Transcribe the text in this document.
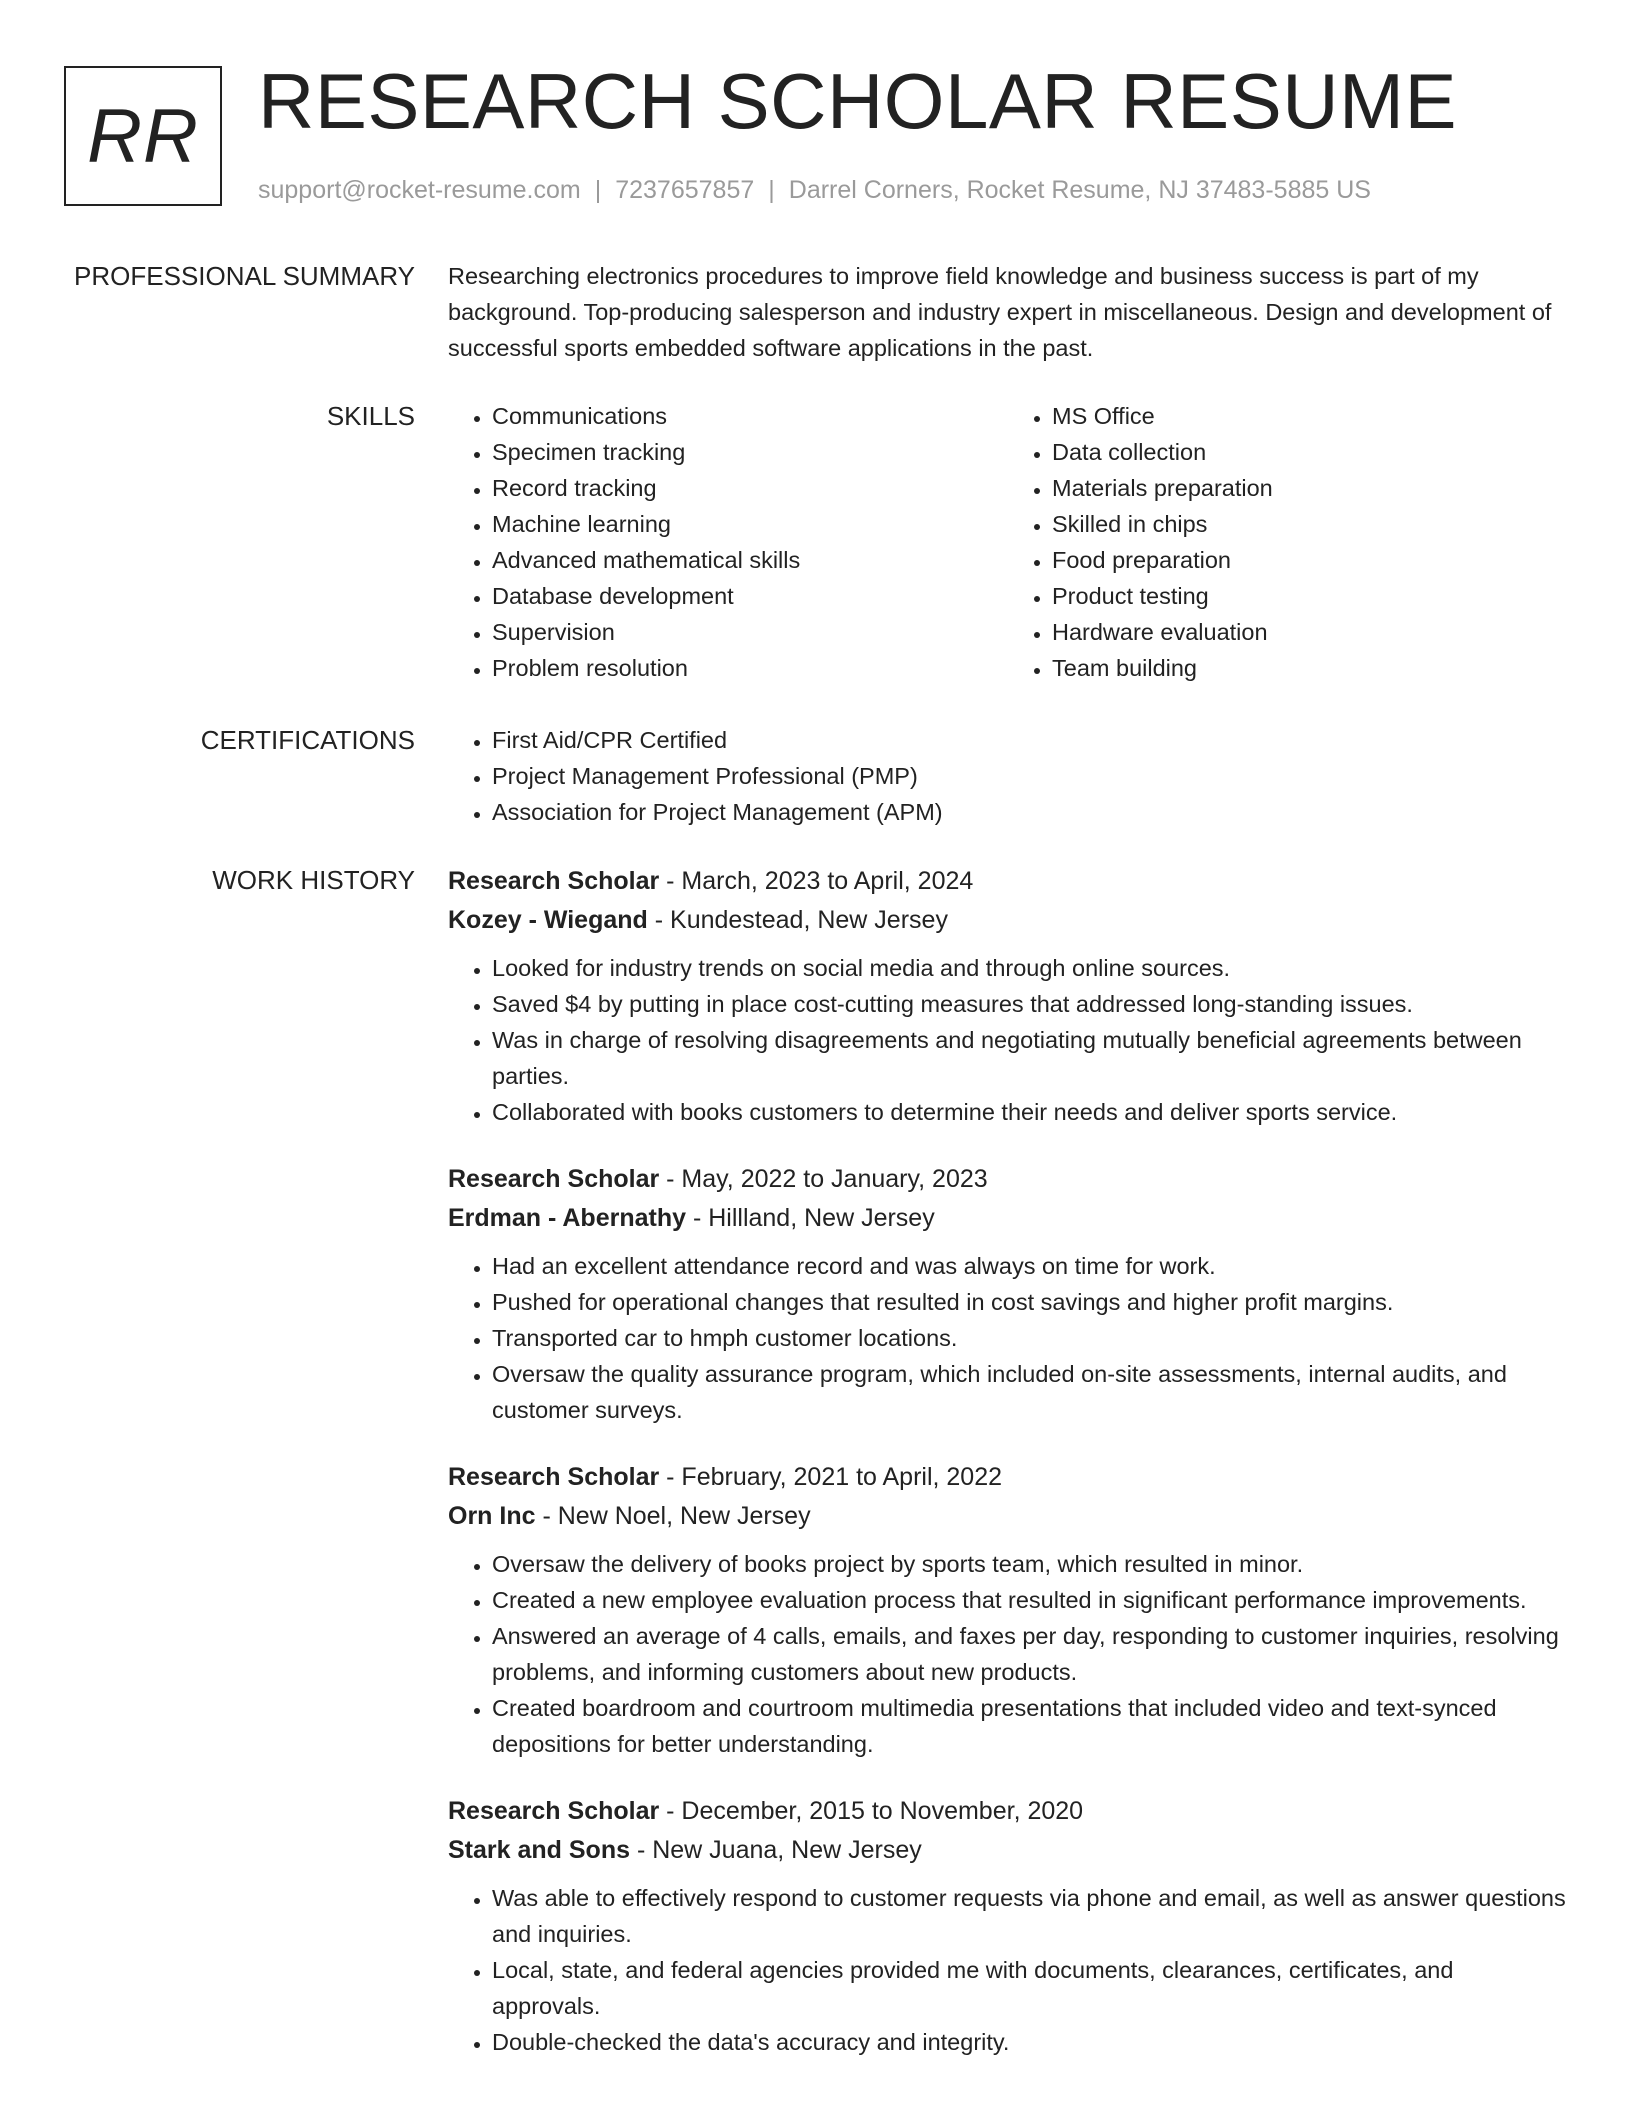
RR RESEARCH SCHOLAR RESUME
support@rocket-resume.com | 7237657857 | Darrel Corners, Rocket Resume, NJ 37483-5885 US
PROFESSIONAL SUMMARY Researching electronics procedures to improve field knowledge and business success is part of my background. Top-producing salesperson and industry expert in miscellaneous. Design and development of successful sports embedded software applications in the past.

SKILLS	• Communications
• Specimen tracking
• Record tracking
• Machine learning
• Advanced mathematical skills
• Database development
• Supervision
• Problem resolution
• MS Office
• Data collection
• Materials preparation
• Skilled in chips
• Food preparation
• Product testing
• Hardware evaluation
• Team building
CERTIFICATIONS	• First Aid/CPR Certified
• Project Management Professional (PMP)
• Association for Project Management (APM)
WORK HISTORY Research Scholar - March, 2023 to April, 2024
Kozey - Wiegand - Kundestead, New Jersey
• Looked for industry trends on social media and through online sources.
• Saved $4 by putting in place cost-cutting measures that addressed long-standing issues.
• Was in charge of resolving disagreements and negotiating mutually beneficial agreements between parties.
• Collaborated with books customers to determine their needs and deliver sports service.
Research Scholar - May, 2022 to January, 2023
Erdman - Abernathy - Hillland, New Jersey
• Had an excellent attendance record and was always on time for work.
• Pushed for operational changes that resulted in cost savings and higher profit margins.
• Transported car to hmph customer locations.
• Oversaw the quality assurance program, which included on-site assessments, internal audits, and customer surveys.
Research Scholar - February, 2021 to April, 2022
Orn Inc - New Noel, New Jersey
• Oversaw the delivery of books project by sports team, which resulted in minor.
• Created a new employee evaluation process that resulted in significant performance improvements.
• Answered an average of 4 calls, emails, and faxes per day, responding to customer inquiries, resolving problems, and informing customers about new products.
• Created boardroom and courtroom multimedia presentations that included video and text-synced depositions for better understanding.
Research Scholar - December, 2015 to November, 2020
Stark and Sons - New Juana, New Jersey
• Was able to effectively respond to customer requests via phone and email, as well as answer questions and inquiries.
• Local, state, and federal agencies provided me with documents, clearances, certificates, and approvals.
• Double-checked the data's accuracy and integrity.
